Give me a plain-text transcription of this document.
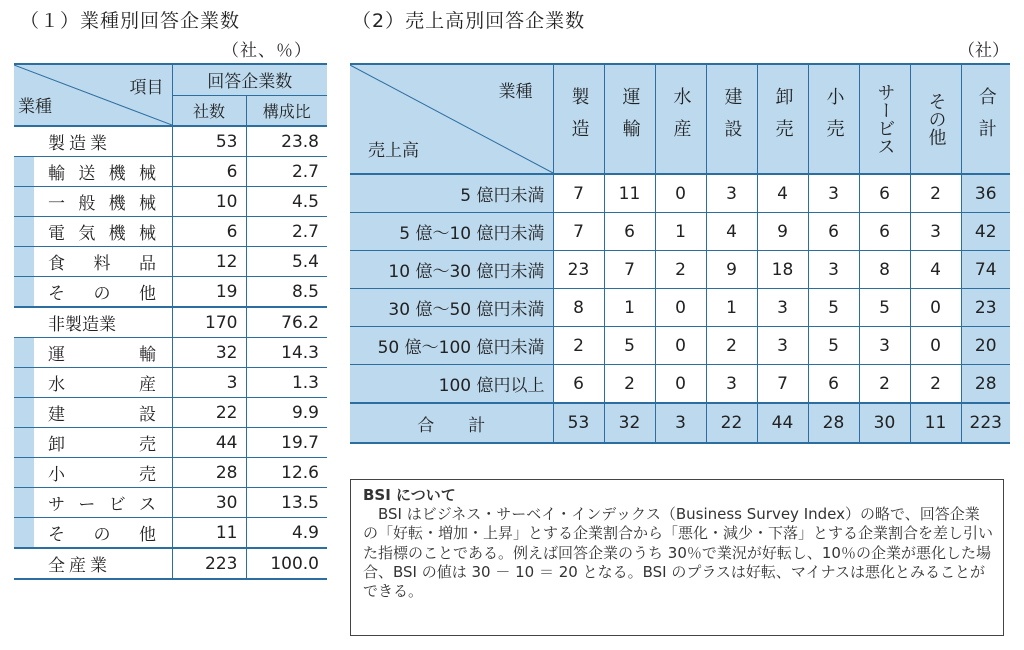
（１）業種別回答企業数
（社、％）
項目
業種	回答企業数	
	社数	構成比

製造業	53	23.8

輸送機械	6	2.7

一般機械	10	4.5

電気機械	6	2.7

食料品	12	5.4

その他	19	8.5

非製造業	170	76.2

運輸	32	14.3

水産	3	1.3

建設	22	9.9

卸売	44	19.7

小売	28	12.6

サービス	30	13.5

その他	11	4.9

全産業	223	100.0
（2）売上高別回答企業数
（社）
業種
売上高	製造	運輸	水産	建設	卸売	小売	サービス	その他	合計

5 億円未満	7	11	0	3	4	3	6	2	36
5 億～10 億円未満	7	6	1	4	9	6	6	3	42
10 億～30 億円未満	23	7	2	9	18	3	8	4	74
30 億～50 億円未満	8	1	0	1	3	5	5	0	23
50 億～100 億円未満	2	5	0	2	3	5	3	0	20
100 億円以上	6	2	0	3	7	6	2	2	28
合　　計	53	32	3	22	44	28	30	11	223
BSI について

　BSI はビジネス・サーベイ・インデックス（Business Survey Index）の略で、回答企業の「好転・増加・上昇」とする企業割合から「悪化・減少・下落」とする企業割合を差し引いた指標のことである。例えば回答企業のうち 30％で業況が好転し、10％の企業が悪化した場合、BSI の値は 30 － 10 ＝ 20 となる。BSI のプラスは好転、マイナスは悪化とみることができる。
